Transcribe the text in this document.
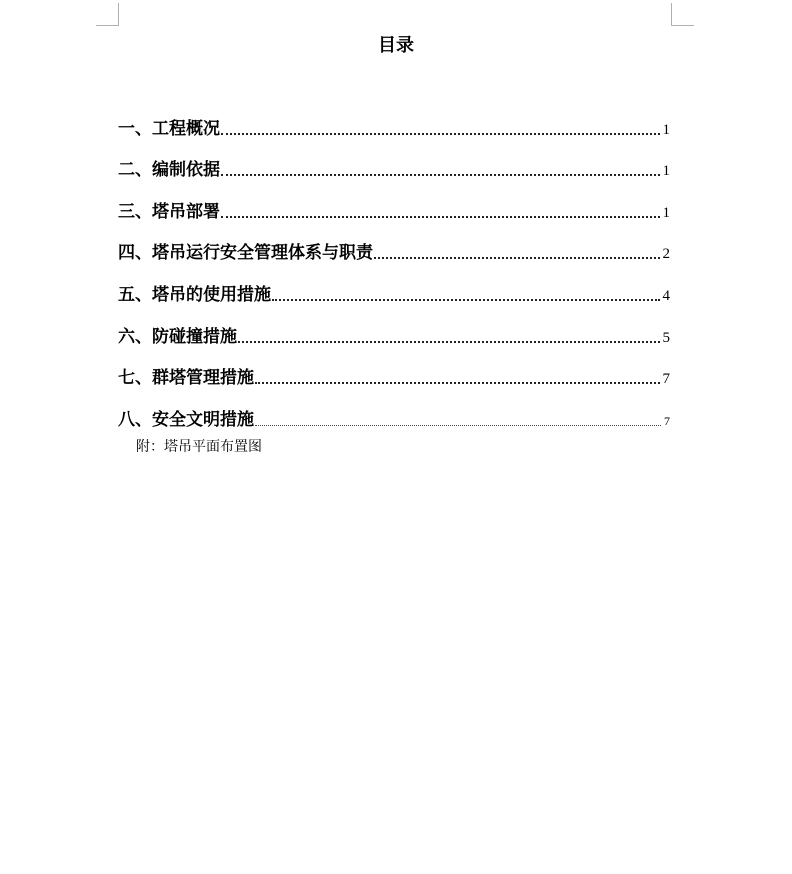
目录
一、工程概况	1
二、编制依据	1
三、塔吊部署	1
四、塔吊运行安全管理体系与职责	2
五、塔吊的使用措施	4
六、防碰撞措施	5
七、群塔管理措施	7
八、安全文明措施	7
附：塔吊平面布置图
